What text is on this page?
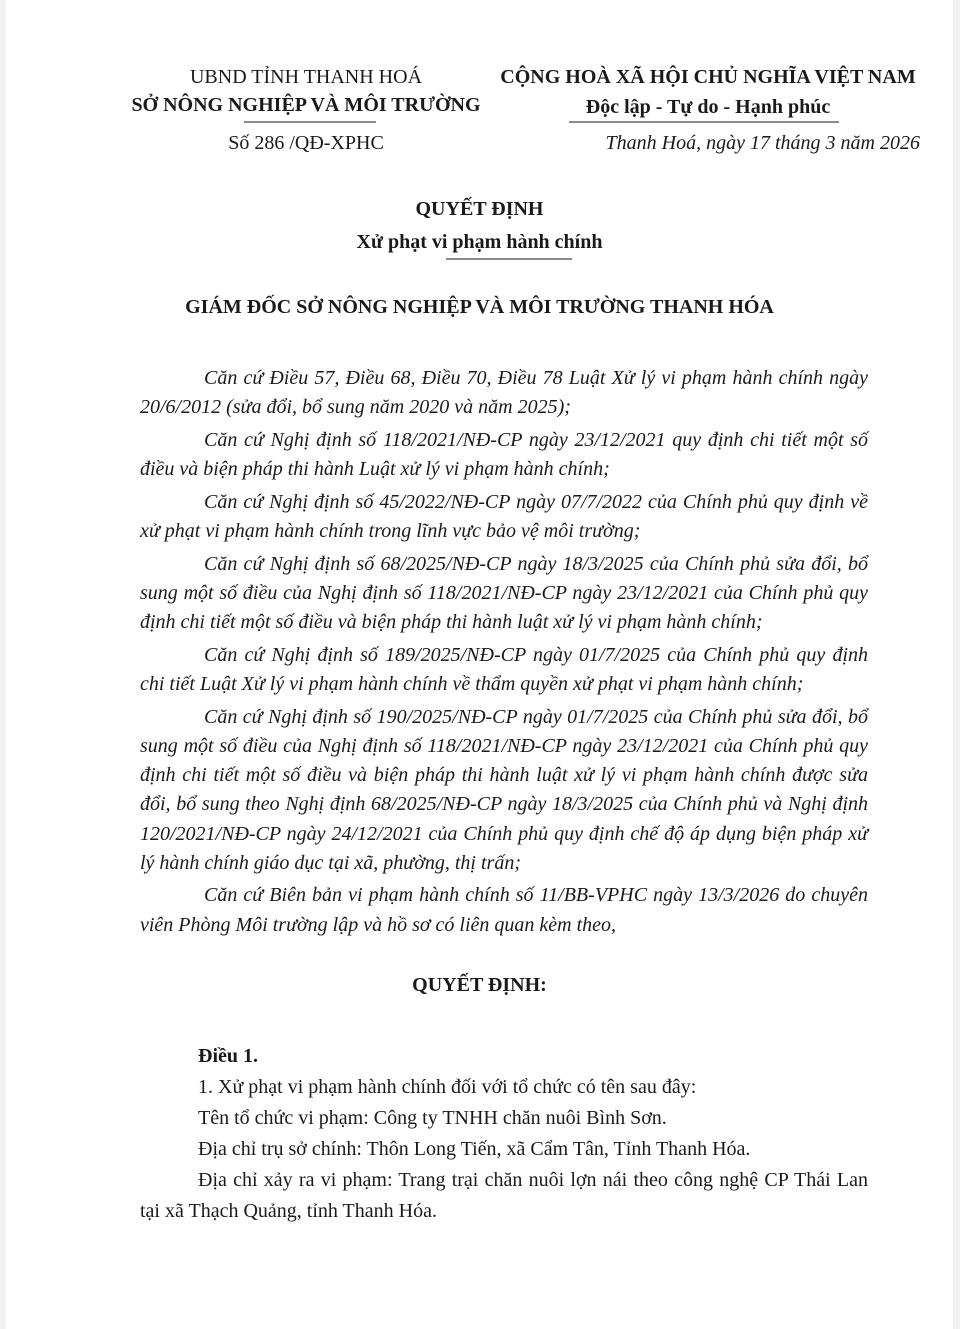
UBND TỈNH THANH HOÁ
SỞ NÔNG NGHIỆP VÀ MÔI TRƯỜNG
Số 286 /QĐ-XPHC
CỘNG HOÀ XÃ HỘI CHỦ NGHĨA VIỆT NAM
Độc lập - Tự do - Hạnh phúc
Thanh Hoá, ngày 17 tháng 3 năm 2026
QUYẾT ĐỊNH
Xử phạt vi phạm hành chính
GIÁM ĐỐC SỞ NÔNG NGHIỆP VÀ MÔI TRƯỜNG THANH HÓA

Căn cứ Điều 57, Điều 68, Điều 70, Điều 78 Luật Xử lý vi phạm hành chính ngày 20/6/2012 (sửa đổi, bổ sung năm 2020 và năm 2025);

Căn cứ Nghị định số 118/2021/NĐ-CP ngày 23/12/2021 quy định chi tiết một số điều và biện pháp thi hành Luật xử lý vi phạm hành chính;

Căn cứ Nghị định số 45/2022/NĐ-CP ngày 07/7/2022 của Chính phủ quy định về xử phạt vi phạm hành chính trong lĩnh vực bảo vệ môi trường;

Căn cứ Nghị định số 68/2025/NĐ-CP ngày 18/3/2025 của Chính phủ sửa đổi, bổ sung một số điều của Nghị định số 118/2021/NĐ-CP ngày 23/12/2021 của Chính phủ quy định chi tiết một số điều và biện pháp thi hành luật xử lý vi phạm hành chính;

Căn cứ Nghị định số 189/2025/NĐ-CP ngày 01/7/2025 của Chính phủ quy định chi tiết Luật Xử lý vi phạm hành chính về thẩm quyền xử phạt vi phạm hành chính;

Căn cứ Nghị định số 190/2025/NĐ-CP ngày 01/7/2025 của Chính phủ sửa đổi, bổ sung một số điều của Nghị định số 118/2021/NĐ-CP ngày 23/12/2021 của Chính phủ quy định chi tiết một số điều và biện pháp thi hành luật xử lý vi phạm hành chính được sửa đổi, bổ sung theo Nghị định 68/2025/NĐ-CP ngày 18/3/2025 của Chính phủ và Nghị định 120/2021/NĐ-CP ngày 24/12/2021 của Chính phủ quy định chế độ áp dụng biện pháp xử lý hành chính giáo dục tại xã, phường, thị trấn;

Căn cứ Biên bản vi phạm hành chính số 11/BB-VPHC ngày 13/3/2026 do chuyên viên Phòng Môi trường lập và hồ sơ có liên quan kèm theo,

QUYẾT ĐỊNH:

Điều 1.

1. Xử phạt vi phạm hành chính đối với tổ chức có tên sau đây:

Tên tổ chức vi phạm: Công ty TNHH chăn nuôi Bình Sơn.

Địa chỉ trụ sở chính: Thôn Long Tiến, xã Cẩm Tân, Tỉnh Thanh Hóa.

Địa chỉ xảy ra vi phạm: Trang trại chăn nuôi lợn nái theo công nghệ CP Thái Lan tại xã Thạch Quảng, tỉnh Thanh Hóa.
